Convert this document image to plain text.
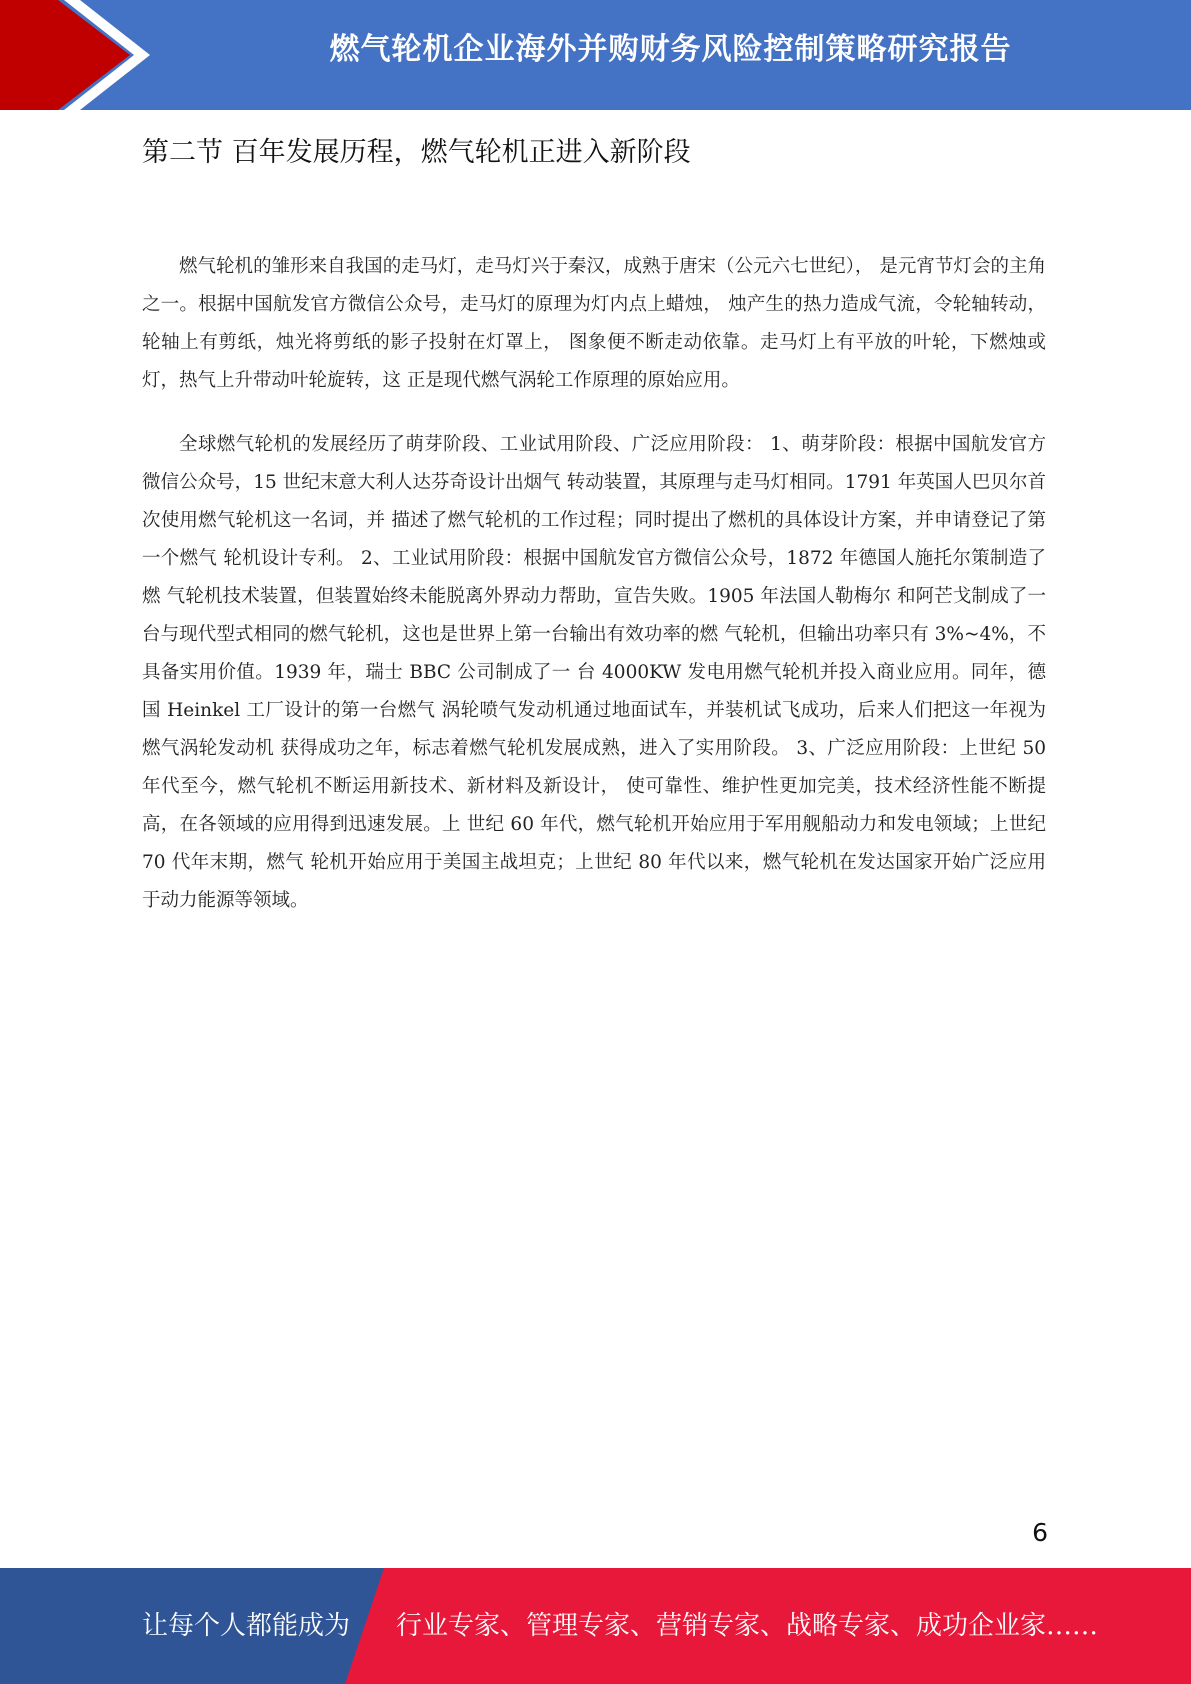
燃气轮机企业海外并购财务风险控制策略研究报告
第二节 百年发展历程，燃气轮机正进入新阶段

燃气轮机的雏形来自我国的走马灯，走马灯兴于秦汉，成熟于唐宋（公元六七世纪）， 是元宵节灯会的主角之一。根据中国航发官方微信公众号，走马灯的原理为灯内点上蜡烛， 烛产生的热力造成气流，令轮轴转动，轮轴上有剪纸，烛光将剪纸的影子投射在灯罩上， 图象便不断走动依靠。走马灯上有平放的叶轮，下燃烛或灯，热气上升带动叶轮旋转，这 正是现代燃气涡轮工作原理的原始应用。

全球燃气轮机的发展经历了萌芽阶段、工业试用阶段、广泛应用阶段： 1、萌芽阶段：根据中国航发官方微信公众号，15 世纪末意大利人达芬奇设计出烟气 转动装置，其原理与走马灯相同。1791 年英国人巴贝尔首次使用燃气轮机这一名词，并 描述了燃气轮机的工作过程；同时提出了燃机的具体设计方案，并申请登记了第一个燃气 轮机设计专利。 2、工业试用阶段：根据中国航发官方微信公众号，1872 年德国人施托尔策制造了燃 气轮机技术装置，但装置始终未能脱离外界动力帮助，宣告失败。1905 年法国人勒梅尔 和阿芒戈制成了一台与现代型式相同的燃气轮机，这也是世界上第一台输出有效功率的燃 气轮机，但输出功率只有 3%~4%，不具备实用价值。1939 年，瑞士 BBC 公司制成了一 台 4000KW 发电用燃气轮机并投入商业应用。同年，德国 Heinkel 工厂设计的第一台燃气 涡轮喷气发动机通过地面试车，并装机试飞成功，后来人们把这一年视为燃气涡轮发动机 获得成功之年，标志着燃气轮机发展成熟，进入了实用阶段。 3、广泛应用阶段：上世纪 50 年代至今，燃气轮机不断运用新技术、新材料及新设计， 使可靠性、维护性更加完美，技术经济性能不断提高，在各领域的应用得到迅速发展。上 世纪 60 年代，燃气轮机开始应用于军用舰船动力和发电领域；上世纪 70 代年末期，燃气 轮机开始应用于美国主战坦克；上世纪 80 年代以来，燃气轮机在发达国家开始广泛应用 于动力能源等领域。

6
让每个人都能成为 行业专家、管理专家、营销专家、战略专家、成功企业家……
